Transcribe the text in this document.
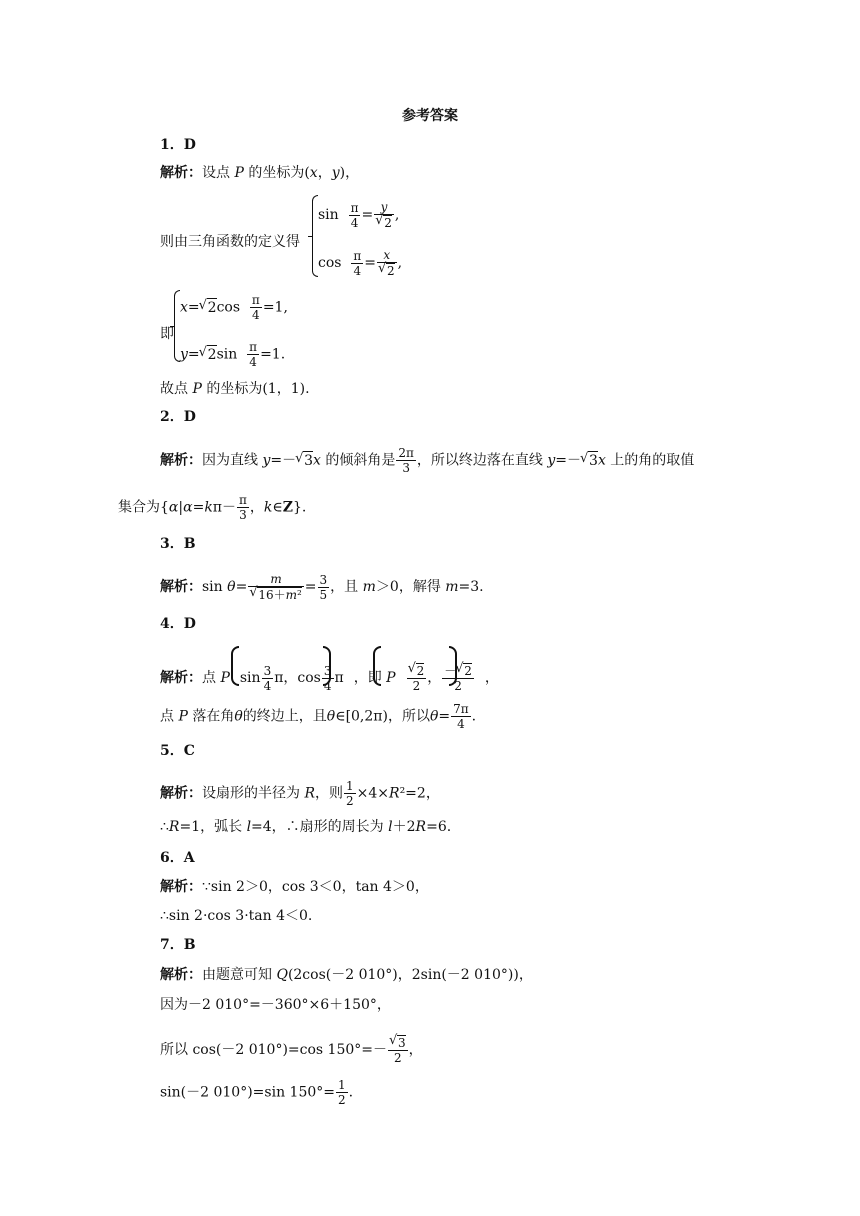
参考答案
1．D
解析：设点 P 的坐标为(x，y)，
则由三角函数的定义得
$\sin \frac{\pi}{4} = y$
√ 2 ,
$\cos \frac{\pi}{4} = x$
√ 2 ,
即
x= √ $2\cos \frac{\pi}{4} =1$,
y= √ $2\sin \frac{\pi}{4} =1$.
故点 P 的坐标为(1，1).
2．D
解析：因为直线 y=－ √ 3x 的倾斜角是 $\frac{2\pi}{3}$ ，所以终边落在直线 y=－ √ 3x 上的角的取值
集合为{$\alpha|\alpha=k\pi- \frac{\pi}{3}$ ，k∈Z}.
3．B
解析：sin θ= m
√ $16+m^2 = \frac{3}{5}$ ，且 m＞0，解得 m=3.
4．D
解析：点 P $\sin \frac{3}{4}$ π，$\cos \frac{3}{4}$ π ，即 P √ $\frac{2}{2}$ ， $\frac{- √ 2}{2}$ ，
点 P 落在角θ的终边上，且θ∈[0,2π)，所以$\theta= \frac{7\pi}{4}$ .
5．C
解析：设扇形的半径为 R，则 $\frac{1}{2} \times 4\times R^2=2$，
∴R=1，弧长 l=4，∴扇形的周长为 l＋2R=6.
6．A
解析：∵sin 2＞0，cos 3＜0，tan 4＞0，
∴sin 2·cos 3·tan 4＜0.
7．B
解析：由题意可知 Q(2cos(－2 010°)，2sin(－2 010°))，
因为－2 010°=－360°×6＋150°，
所以 cos(－2 010°)=cos 150°=－ √ $\frac{3}{2}$ ，
sin(－2 010°)=sin $150^\circ= \frac{1}{2}$ .
